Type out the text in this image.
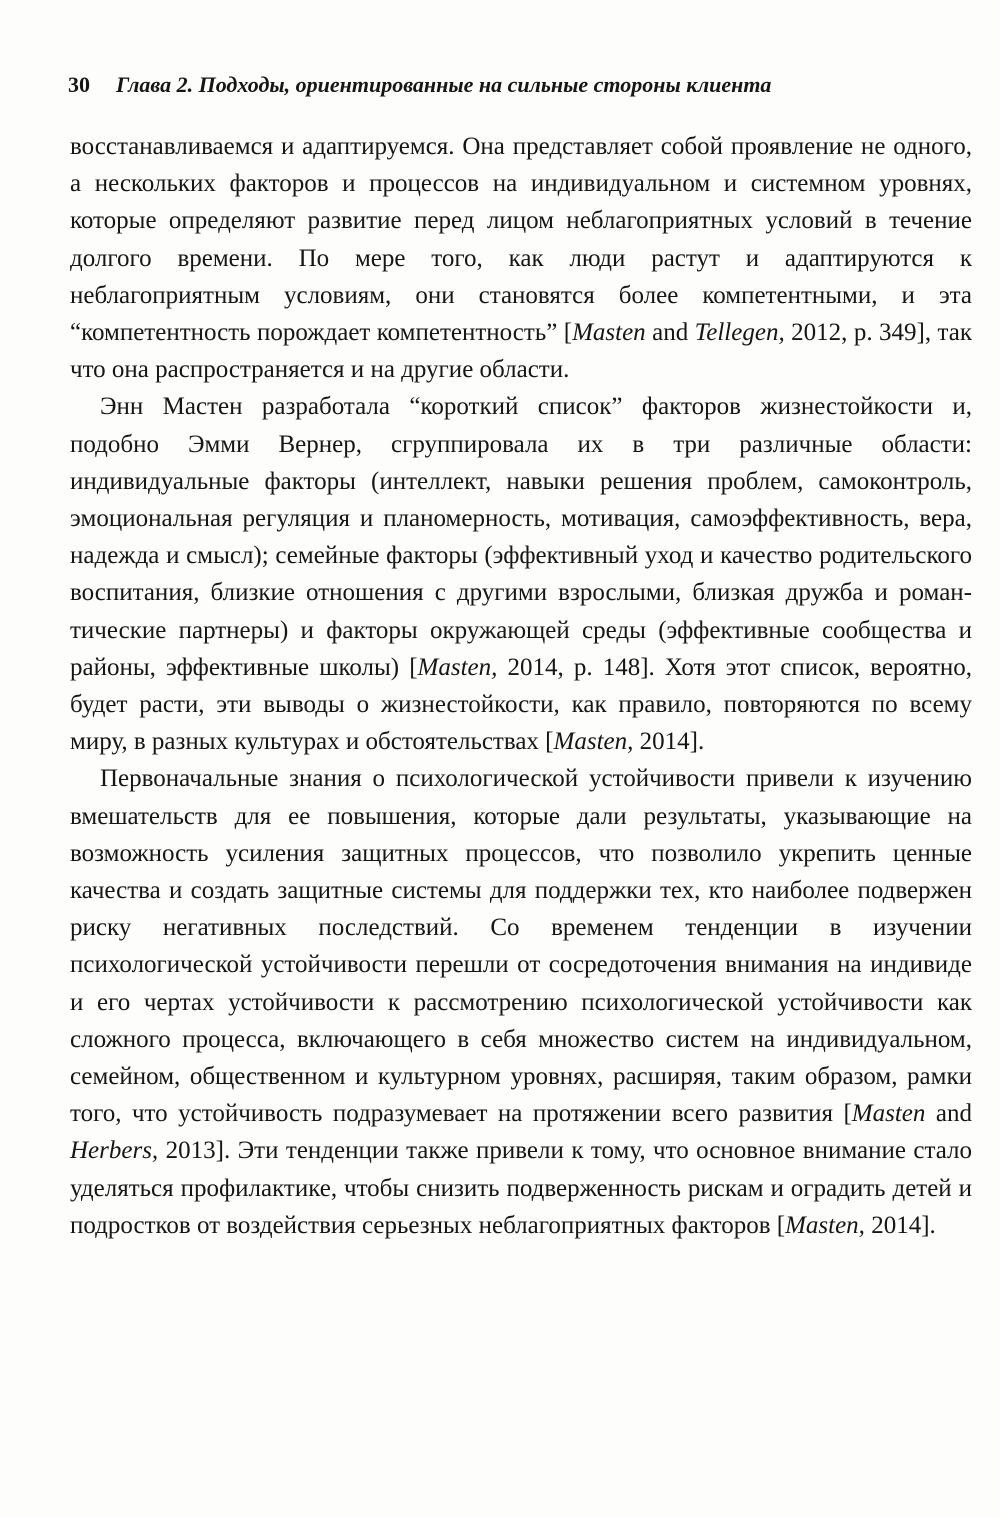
30 Глава 2. Подходы, ориентированные на сильные стороны клиента

восстанавливаемся и адаптируемся. Она представляет собой проявление не одного, а нескольких факторов и процессов на индивидуальном и системном уровнях, которые определяют развитие перед лицом неблагоприятных условий в течение долгого времени. По мере того, как люди растут и адаптируются к неблагоприятным условиям, они становятся более компетентными, и эта “компетентность порождает компетентность” [Masten and Tellegen, 2012, p. 349], так что она распространяется и на другие области.

Энн Мастен разработала “короткий список” факторов жизнестойкости и, подобно Эмми Вернер, сгруппировала их в три различные области: индивидуальные факторы (интеллект, навыки решения проблем, самоконтроль, эмоциональная регуляция и планомерность, мотивация, самоэффективность, вера, надежда и смысл); семейные факторы (эффективный уход и качество родительского воспитания, близкие отношения с другими взрослыми, близкая дружба и романтические партнеры) и факторы окружающей среды (эффективные сообщества и районы, эффективные школы) [Masten, 2014, p. 148]. Хотя этот список, вероятно, будет расти, эти выводы о жизнестойкости, как правило, повторяются по всему миру, в разных культурах и обстоятельствах [Masten, 2014].

Первоначальные знания о психологической устойчивости привели к изучению вмешательств для ее повышения, которые дали результаты, указывающие на возможность усиления защитных процессов, что позволило укрепить ценные качества и создать защитные системы для поддержки тех, кто наиболее подвержен риску негативных последствий. Со временем тенденции в изучении психологической устойчивости перешли от сосредоточения внимания на индивиде и его чертах устойчивости к рассмотрению психологической устойчивости как сложного процесса, включающего в себя множество систем на индивидуальном, семейном, общественном и культурном уровнях, расширяя, таким образом, рамки того, что устойчивость подразумевает на протяжении всего развития [Masten and Herbers, 2013]. Эти тенденции также привели к тому, что основное внимание стало уделяться профилактике, чтобы снизить подверженность рискам и оградить детей и подростков от воздействия серьезных неблагоприятных факторов [Masten, 2014].
